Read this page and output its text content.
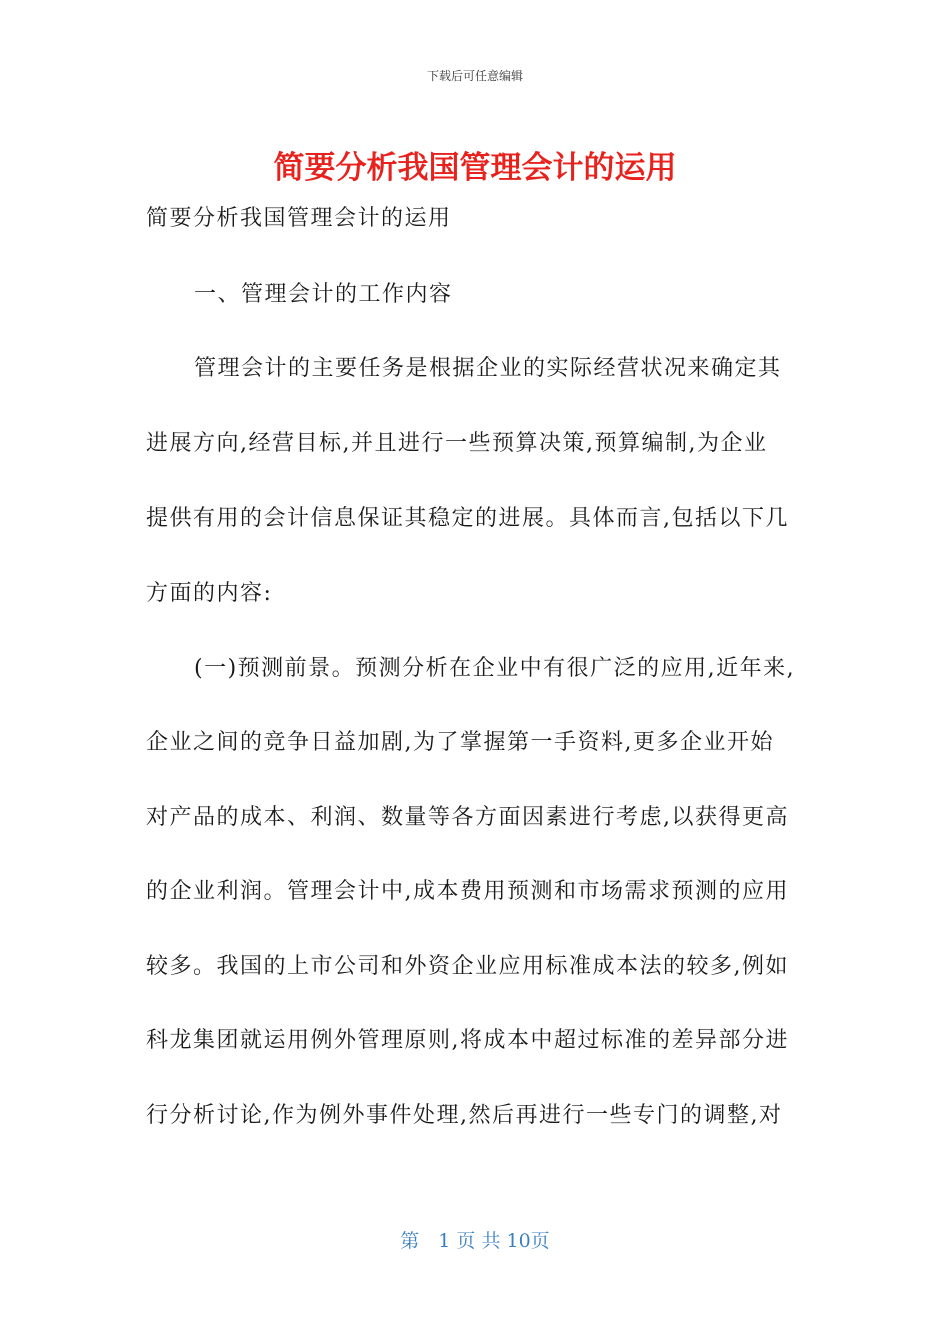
下载后可任意编辑
简要分析我国管理会计的运用
简要分析我国管理会计的运用
一、管理会计的工作内容
管理会计的主要任务是根据企业的实际经营状况来确定其
进展方向,经营目标,并且进行一些预算决策,预算编制,为企业
提供有用的会计信息保证其稳定的进展。具体而言,包括以下几
方面的内容:
(一)预测前景。预测分析在企业中有很广泛的应用,近年来,
企业之间的竞争日益加剧,为了掌握第一手资料,更多企业开始
对产品的成本、利润、数量等各方面因素进行考虑,以获得更高
的企业利润。管理会计中,成本费用预测和市场需求预测的应用
较多。我国的上市公司和外资企业应用标准成本法的较多,例如
科龙集团就运用例外管理原则,将成本中超过标准的差异部分进
行分析讨论,作为例外事件处理,然后再进行一些专门的调整,对
第　1 页 共 10页
